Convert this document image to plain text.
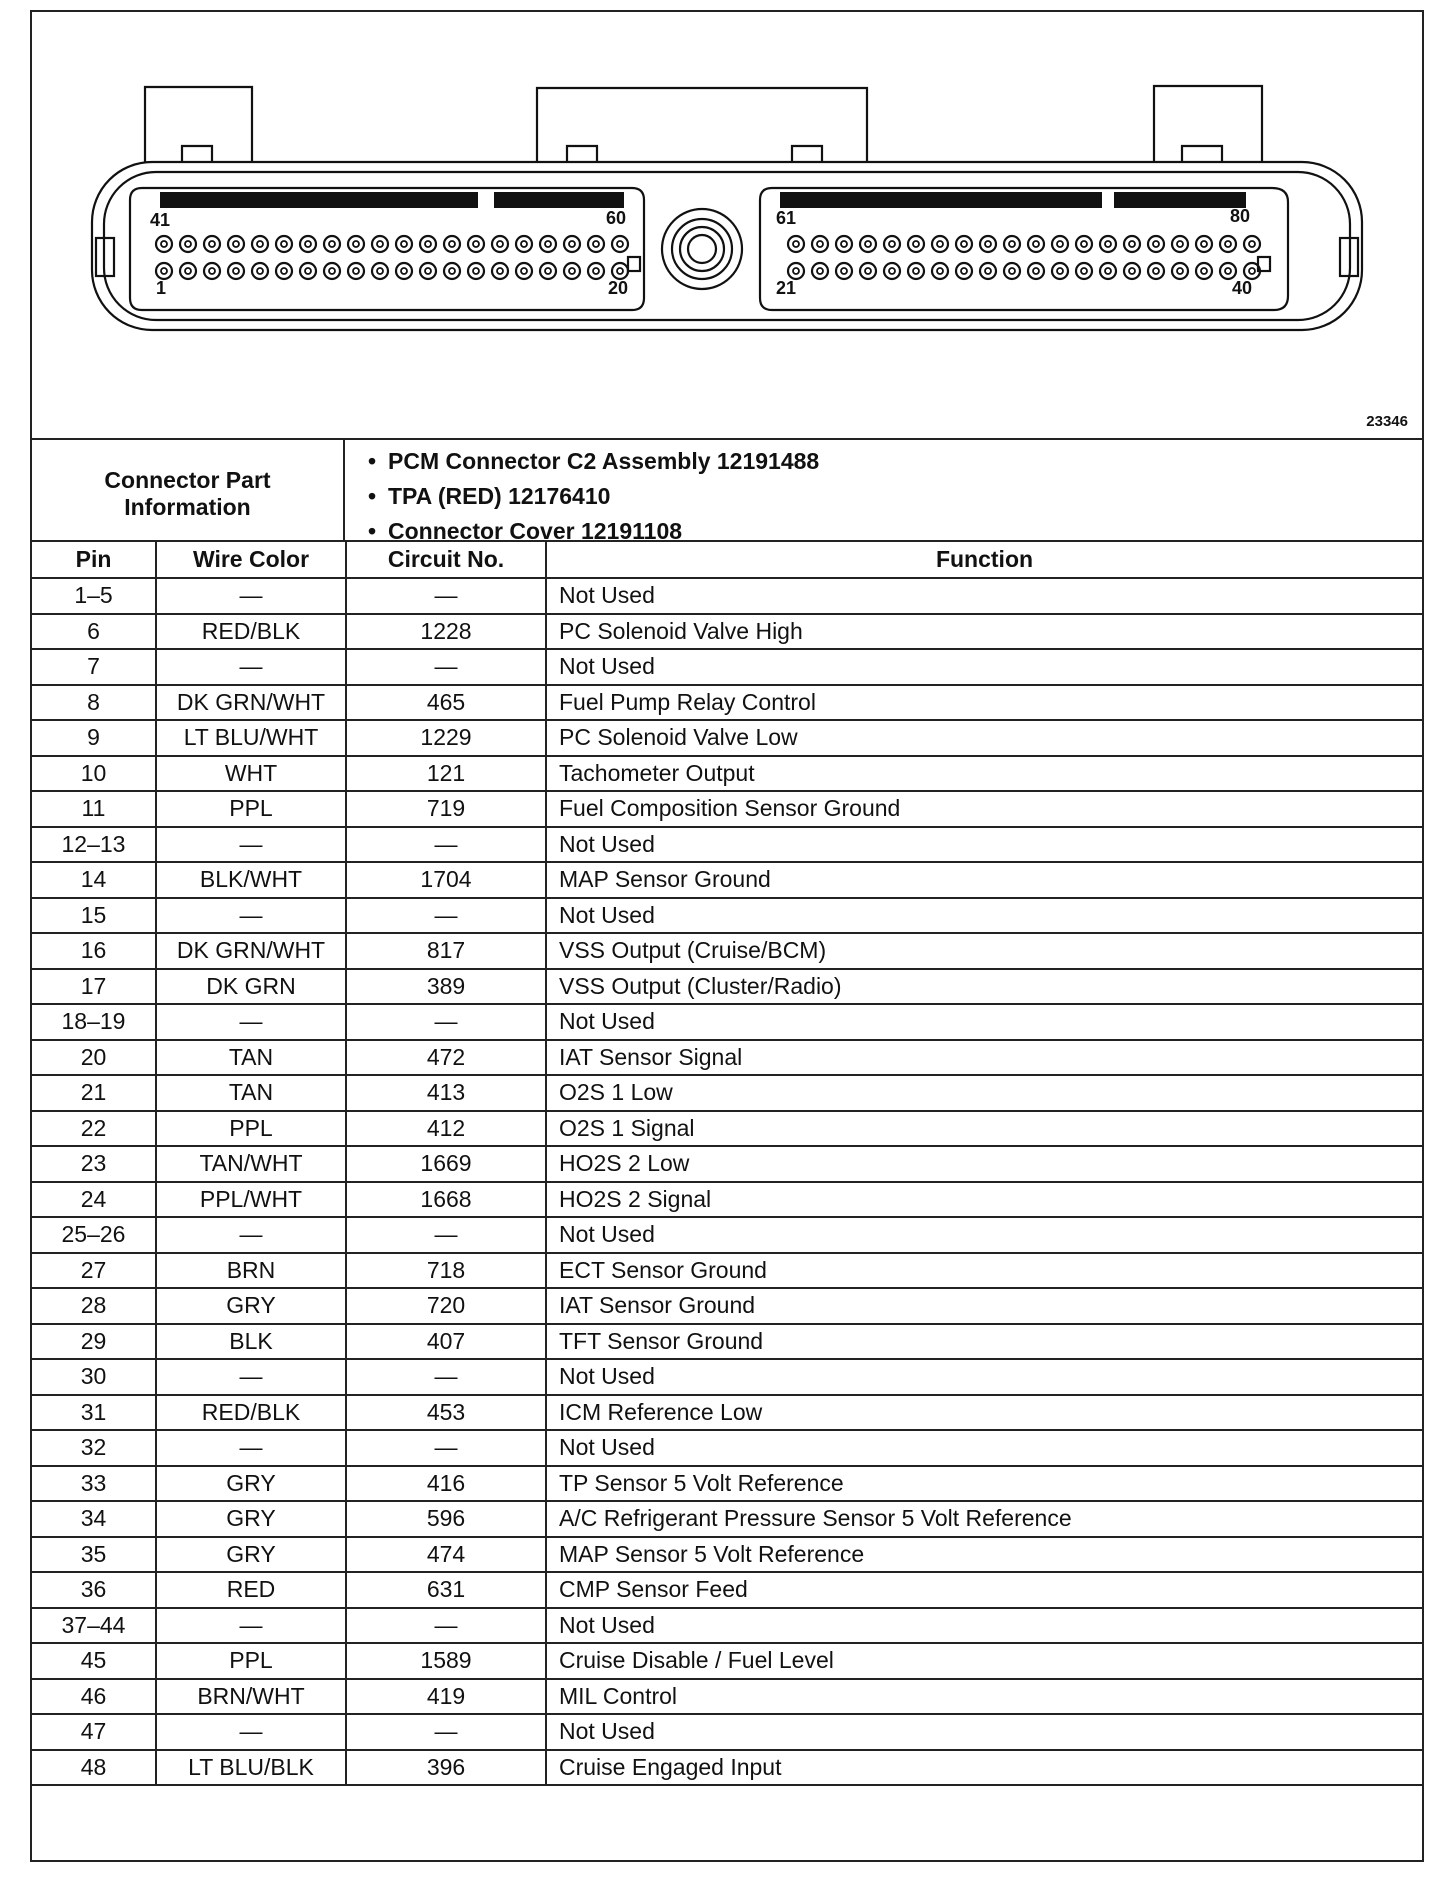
41	60
1	20
61	80
21	40
23346
Connector Part
Information
• PCM Connector C2 Assembly 12191488
• TPA (RED) 12176410
• Connector Cover 12191108
Pin	Wire Color	Circuit No.	Function
1–5	—	—	Not Used
6	RED/BLK	1228	PC Solenoid Valve High
7	—	—	Not Used
8	DK GRN/WHT	465	Fuel Pump Relay Control
9	LT BLU/WHT	1229	PC Solenoid Valve Low
10	WHT	121	Tachometer Output
11	PPL	719	Fuel Composition Sensor Ground
12–13	—	—	Not Used
14	BLK/WHT	1704	MAP Sensor Ground
15	—	—	Not Used
16	DK GRN/WHT	817	VSS Output (Cruise/BCM)
17	DK GRN	389	VSS Output (Cluster/Radio)
18–19	—	—	Not Used
20	TAN	472	IAT Sensor Signal
21	TAN	413	O2S 1 Low
22	PPL	412	O2S 1 Signal
23	TAN/WHT	1669	HO2S 2 Low
24	PPL/WHT	1668	HO2S 2 Signal
25–26	—	—	Not Used
27	BRN	718	ECT Sensor Ground
28	GRY	720	IAT Sensor Ground
29	BLK	407	TFT Sensor Ground
30	—	—	Not Used
31	RED/BLK	453	ICM Reference Low
32	—	—	Not Used
33	GRY	416	TP Sensor 5 Volt Reference
34	GRY	596	A/C Refrigerant Pressure Sensor 5 Volt Reference
35	GRY	474	MAP Sensor 5 Volt Reference
36	RED	631	CMP Sensor Feed
37–44	—	—	Not Used
45	PPL	1589	Cruise Disable / Fuel Level
46	BRN/WHT	419	MIL Control
47	—	—	Not Used
48	LT BLU/BLK	396	Cruise Engaged Input
